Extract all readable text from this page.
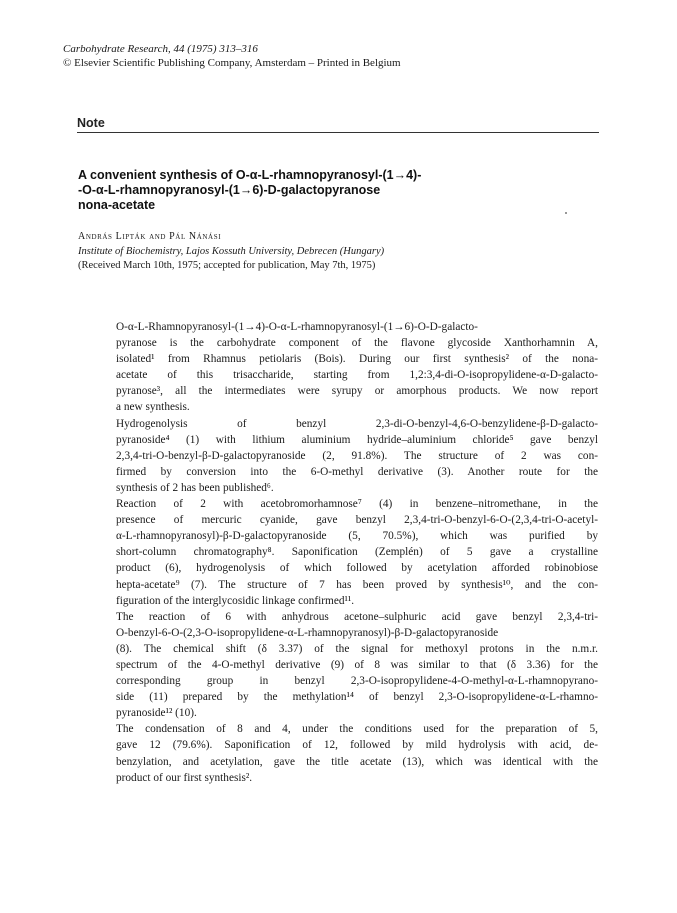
Carbohydrate Research, 44 (1975) 313–316
© Elsevier Scientific Publishing Company, Amsterdam – Printed in Belgium
Note
A convenient synthesis of O-α-L-rhamnopyranosyl-(1→4)-
-O-α-L-rhamnopyranosyl-(1→6)-D-galactopyranose
nona-acetate
András Lipták and Pál Nánási
Institute of Biochemistry, Lajos Kossuth University, Debrecen (Hungary)
(Received March 10th, 1975; accepted for publication, May 7th, 1975)

O-α-L-Rhamnopyranosyl-(1→4)-O-α-L-rhamnopyranosyl-(1→6)-O-D-galacto-
pyranose is the carbohydrate component of the flavone glycoside Xanthorhamnin A,
isolated¹ from Rhamnus petiolaris (Bois). During our first synthesis² of the nona-
acetate of this trisaccharide, starting from 1,2:3,4-di-O-isopropylidene-α-D-galacto-
pyranose³, all the intermediates were syrupy or amorphous products. We now report
a new synthesis.

Hydrogenolysis of benzyl 2,3-di-O-benzyl-4,6-O-benzylidene-β-D-galacto-
pyranoside⁴ (1) with lithium aluminium hydride–aluminium chloride⁵ gave benzyl
2,3,4-tri-O-benzyl-β-D-galactopyranoside (2, 91.8%). The structure of 2 was con-
firmed by conversion into the 6-O-methyl derivative (3). Another route for the
synthesis of 2 has been published⁶.

Reaction of 2 with acetobromorhamnose⁷ (4) in benzene–nitromethane, in the
presence of mercuric cyanide, gave benzyl 2,3,4-tri-O-benzyl-6-O-(2,3,4-tri-O-acetyl-
α-L-rhamnopyranosyl)-β-D-galactopyranoside (5, 70.5%), which was purified by
short-column chromatography⁸. Saponification (Zemplén) of 5 gave a crystalline
product (6), hydrogenolysis of which followed by acetylation afforded robinobiose
hepta-acetate⁹ (7). The structure of 7 has been proved by synthesis¹⁰, and the con-
figuration of the interglycosidic linkage confirmed¹¹.

The reaction of 6 with anhydrous acetone–sulphuric acid gave benzyl 2,3,4-tri-
O-benzyl-6-O-(2,3-O-isopropylidene-α-L-rhamnopyranosyl)-β-D-galactopyranoside
(8). The chemical shift (δ 3.37) of the signal for methoxyl protons in the n.m.r.
spectrum of the 4-O-methyl derivative (9) of 8 was similar to that (δ 3.36) for the
corresponding group in benzyl 2,3-O-isopropylidene-4-O-methyl-α-L-rhamnopyrano-
side (11) prepared by the methylation¹⁴ of benzyl 2,3-O-isopropylidene-α-L-rhamno-
pyranoside¹² (10).

The condensation of 8 and 4, under the conditions used for the preparation of 5,
gave 12 (79.6%). Saponification of 12, followed by mild hydrolysis with acid, de-
benzylation, and acetylation, gave the title acetate (13), which was identical with the
product of our first synthesis².
